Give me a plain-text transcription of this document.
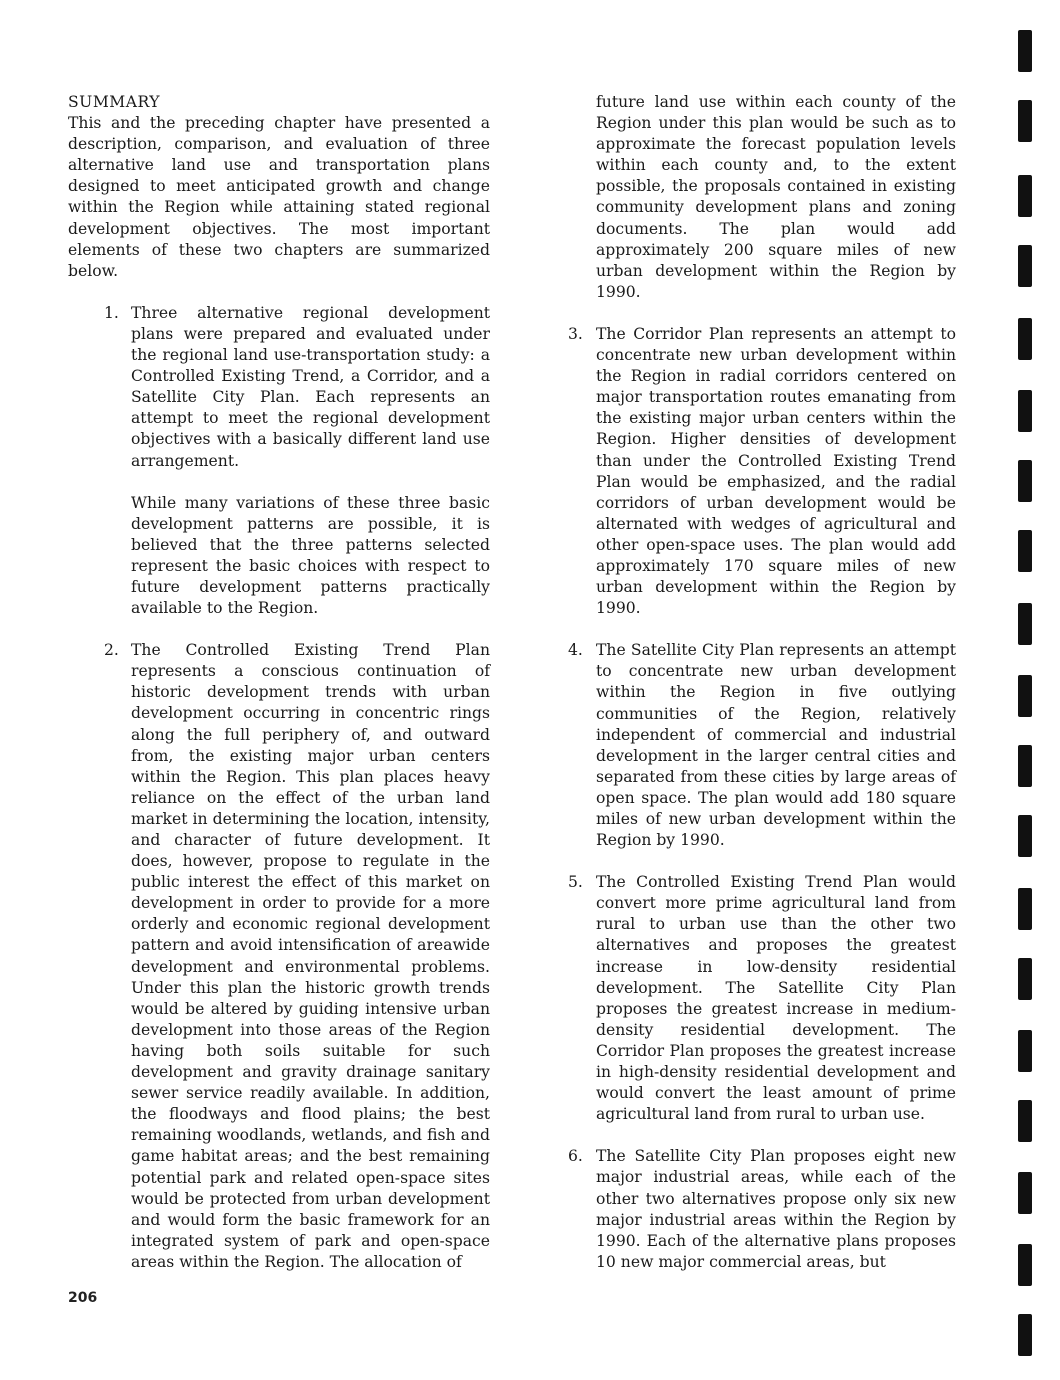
SUMMARY

This and the preceding chapter have presented a description, comparison, and evaluation of three alternative land use and transportation plans designed to meet anticipated growth and change within the Region while attaining stated regional development objectives. The most important elements of these two chapters are summarized below.

1. Three alternative regional development plans were prepared and evaluated under the regional land use-transportation study: a Controlled Existing Trend, a Corridor, and a Satellite City Plan. Each represents an attempt to meet the regional development objectives with a basically different land use arrangement.

While many variations of these three basic development patterns are possible, it is believed that the three patterns selected represent the basic choices with respect to future development patterns practically available to the Region.

2. The Controlled Existing Trend Plan represents a conscious continuation of historic development trends with urban development occurring in concentric rings along the full periphery of, and outward from, the existing major urban centers within the Region. This plan places heavy reliance on the effect of the urban land market in determining the location, intensity, and character of future development. It does, however, propose to regulate in the public interest the effect of this market on development in order to provide for a more orderly and economic regional development pattern and avoid intensification of areawide development and environmental problems. Under this plan the historic growth trends would be altered by guiding intensive urban development into those areas of the Region having both soils suitable for such development and gravity drainage sanitary sewer service readily available. In addition, the floodways and flood plains; the best remaining woodlands, wetlands, and fish and game habitat areas; and the best remaining potential park and related open-space sites would be protected from urban development and would form the basic framework for an integrated system of park and open-space areas within the Region. The allocation of

future land use within each county of the Region under this plan would be such as to approximate the forecast population levels within each county and, to the extent possible, the proposals contained in existing community development plans and zoning documents. The plan would add approximately 200 square miles of new urban development within the Region by 1990.

3. The Corridor Plan represents an attempt to concentrate new urban development within the Region in radial corridors centered on major transportation routes emanating from the existing major urban centers within the Region. Higher densities of development than under the Controlled Existing Trend Plan would be emphasized, and the radial corridors of urban development would be alternated with wedges of agricultural and other open-space uses. The plan would add approximately 170 square miles of new urban development within the Region by 1990.

4. The Satellite City Plan represents an attempt to concentrate new urban development within the Region in five outlying communities of the Region, relatively independent of commercial and industrial development in the larger central cities and separated from these cities by large areas of open space. The plan would add 180 square miles of new urban development within the Region by 1990.

5. The Controlled Existing Trend Plan would convert more prime agricultural land from rural to urban use than the other two alternatives and proposes the greatest increase in low-density residential development. The Satellite City Plan proposes the greatest increase in medium-density residential development. The Corridor Plan proposes the greatest increase in high-density residential development and would convert the least amount of prime agricultural land from rural to urban use.

6. The Satellite City Plan proposes eight new major industrial areas, while each of the other two alternatives propose only six new major industrial areas within the Region by 1990. Each of the alternative plans proposes 10 new major commercial areas, but

206
